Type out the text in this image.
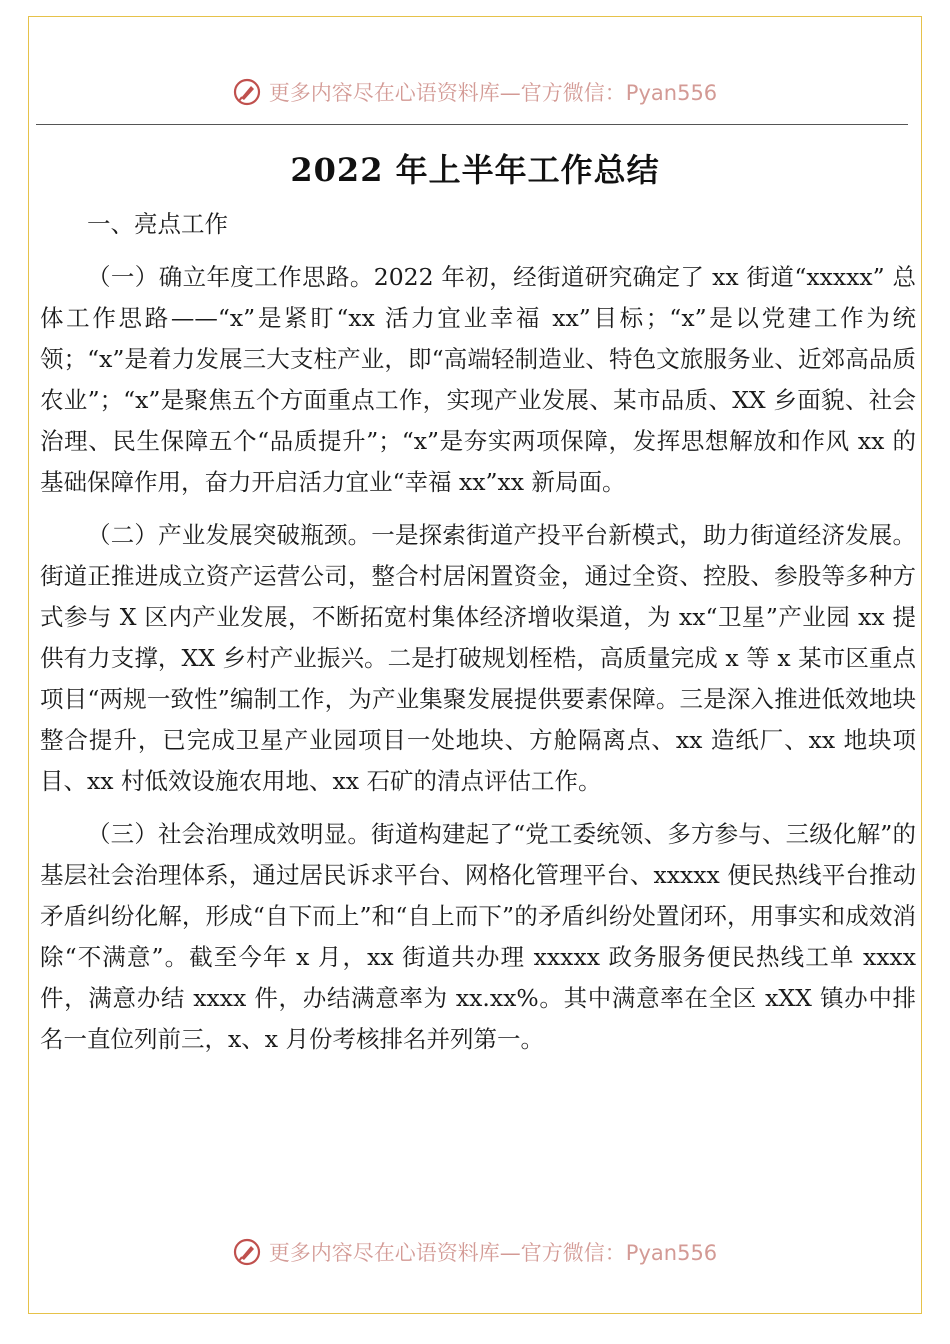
更多内容尽在心语资料库—官方微信：Pyan556
2022 年上半年工作总结

一、亮点工作

（一）确立年度工作思路。2022 年初，经街道研究确定了 xx 街道“xxxxx” 总体工作思路——“x”是紧盯“xx 活力宜业幸福 xx”目标；“x”是以党建工作为统领；“x”是着力发展三大支柱产业，即“高端轻制造业、特色文旅服务业、近郊高品质农业”；“x”是聚焦五个方面重点工作，实现产业发展、某市品质、XX 乡面貌、社会治理、民生保障五个“品质提升”；“x”是夯实两项保障，发挥思想解放和作风 xx 的基础保障作用，奋力开启活力宜业“幸福 xx”xx 新局面。

（二）产业发展突破瓶颈。一是探索街道产投平台新模式，助力街道经济发展。街道正推进成立资产运营公司，整合村居闲置资金，通过全资、控股、参股等多种方式参与 X 区内产业发展，不断拓宽村集体经济增收渠道，为 xx“卫星”产业园 xx 提供有力支撑，XX 乡村产业振兴。二是打破规划桎梏，高质量完成 x 等 x 某市区重点项目“两规一致性”编制工作，为产业集聚发展提供要素保障。三是深入推进低效地块整合提升，已完成卫星产业园项目一处地块、方舱隔离点、xx 造纸厂、xx 地块项目、xx 村低效设施农用地、xx 石矿的清点评估工作。

（三）社会治理成效明显。街道构建起了“党工委统领、多方参与、三级化解”的基层社会治理体系，通过居民诉求平台、网格化管理平台、xxxxx 便民热线平台推动矛盾纠纷化解，形成“自下而上”和“自上而下”的矛盾纠纷处置闭环，用事实和成效消除“不满意”。截至今年 x 月，xx 街道共办理 xxxxx 政务服务便民热线工单 xxxx 件，满意办结 xxxx 件，办结满意率为 xx.xx%。其中满意率在全区 xXX 镇办中排名一直位列前三，x、x 月份考核排名并列第一。

更多内容尽在心语资料库—官方微信：Pyan556
